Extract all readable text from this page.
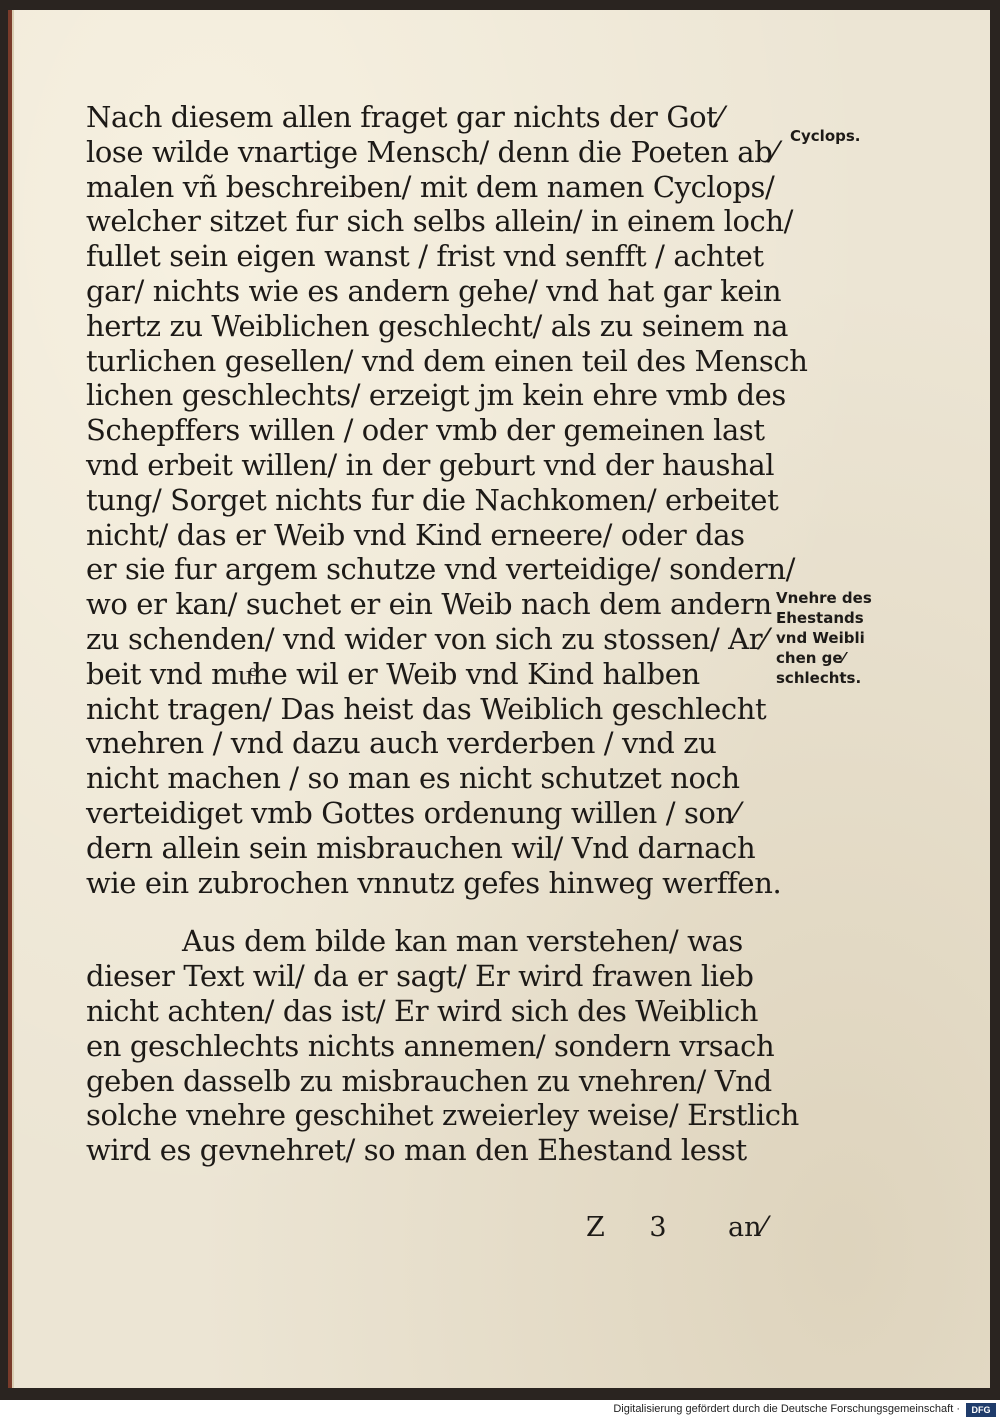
Nach diesem allen fraget gar nichts der Got⁄
lose wilde vnartige Mensch/ denn die Poeten ab⁄
malen vñ beschreiben/ mit dem namen Cyclops/
welcher sitzet fur sich selbs allein/ in einem loch/
fullet sein eigen wanst / frist vnd senfft / achtet
gar/ nichts wie es andern gehe/ vnd hat gar kein
hertz zu Weiblichen geschlecht/ als zu seinem na
turlichen gesellen/ vnd dem einen teil des Mensch
lichen geschlechts/ erzeigt jm kein ehre vmb des
Schepffers willen / oder vmb der gemeinen last
vnd erbeit willen/ in der geburt vnd der haushal
tung/ Sorget nichts fur die Nachkomen/ erbeitet
nicht/ das er Weib vnd Kind erneere/ oder das
er sie fur argem schutze vnd verteidige/ sondern/
wo er kan/ suchet er ein Weib nach dem andern
zu schenden/ vnd wider von sich zu stossen/ Ar⁄
beit vnd muͤhe wil er Weib vnd Kind halben
nicht tragen/ Das heist das Weiblich geschlecht
vnehren / vnd dazu auch verderben / vnd zu
nicht machen / so man es nicht schutzet noch
verteidiget vmb Gottes ordenung willen / son⁄
dern allein sein misbrauchen wil/ Vnd darnach
wie ein zubrochen vnnutz gefes hinweg werffen.
Aus dem bilde kan man verstehen/ was
dieser Text wil/ da er sagt/ Er wird frawen lieb
nicht achten/ das ist/ Er wird sich des Weiblich
en geschlechts nichts annemen/ sondern vrsach
geben dasselb zu misbrauchen zu vnehren/ Vnd
solche vnehre geschihet zweierley weise/ Erstlich
wird es gevnehret/ so man den Ehestand lesst
Cyclops.
Vnehre des
Ehestands
vnd Weibli
chen ge⁄
schlechts.
Z 3 an⁄
Digitalisierung gefördert durch die Deutsche Forschungsgemeinschaft ·	DFG
